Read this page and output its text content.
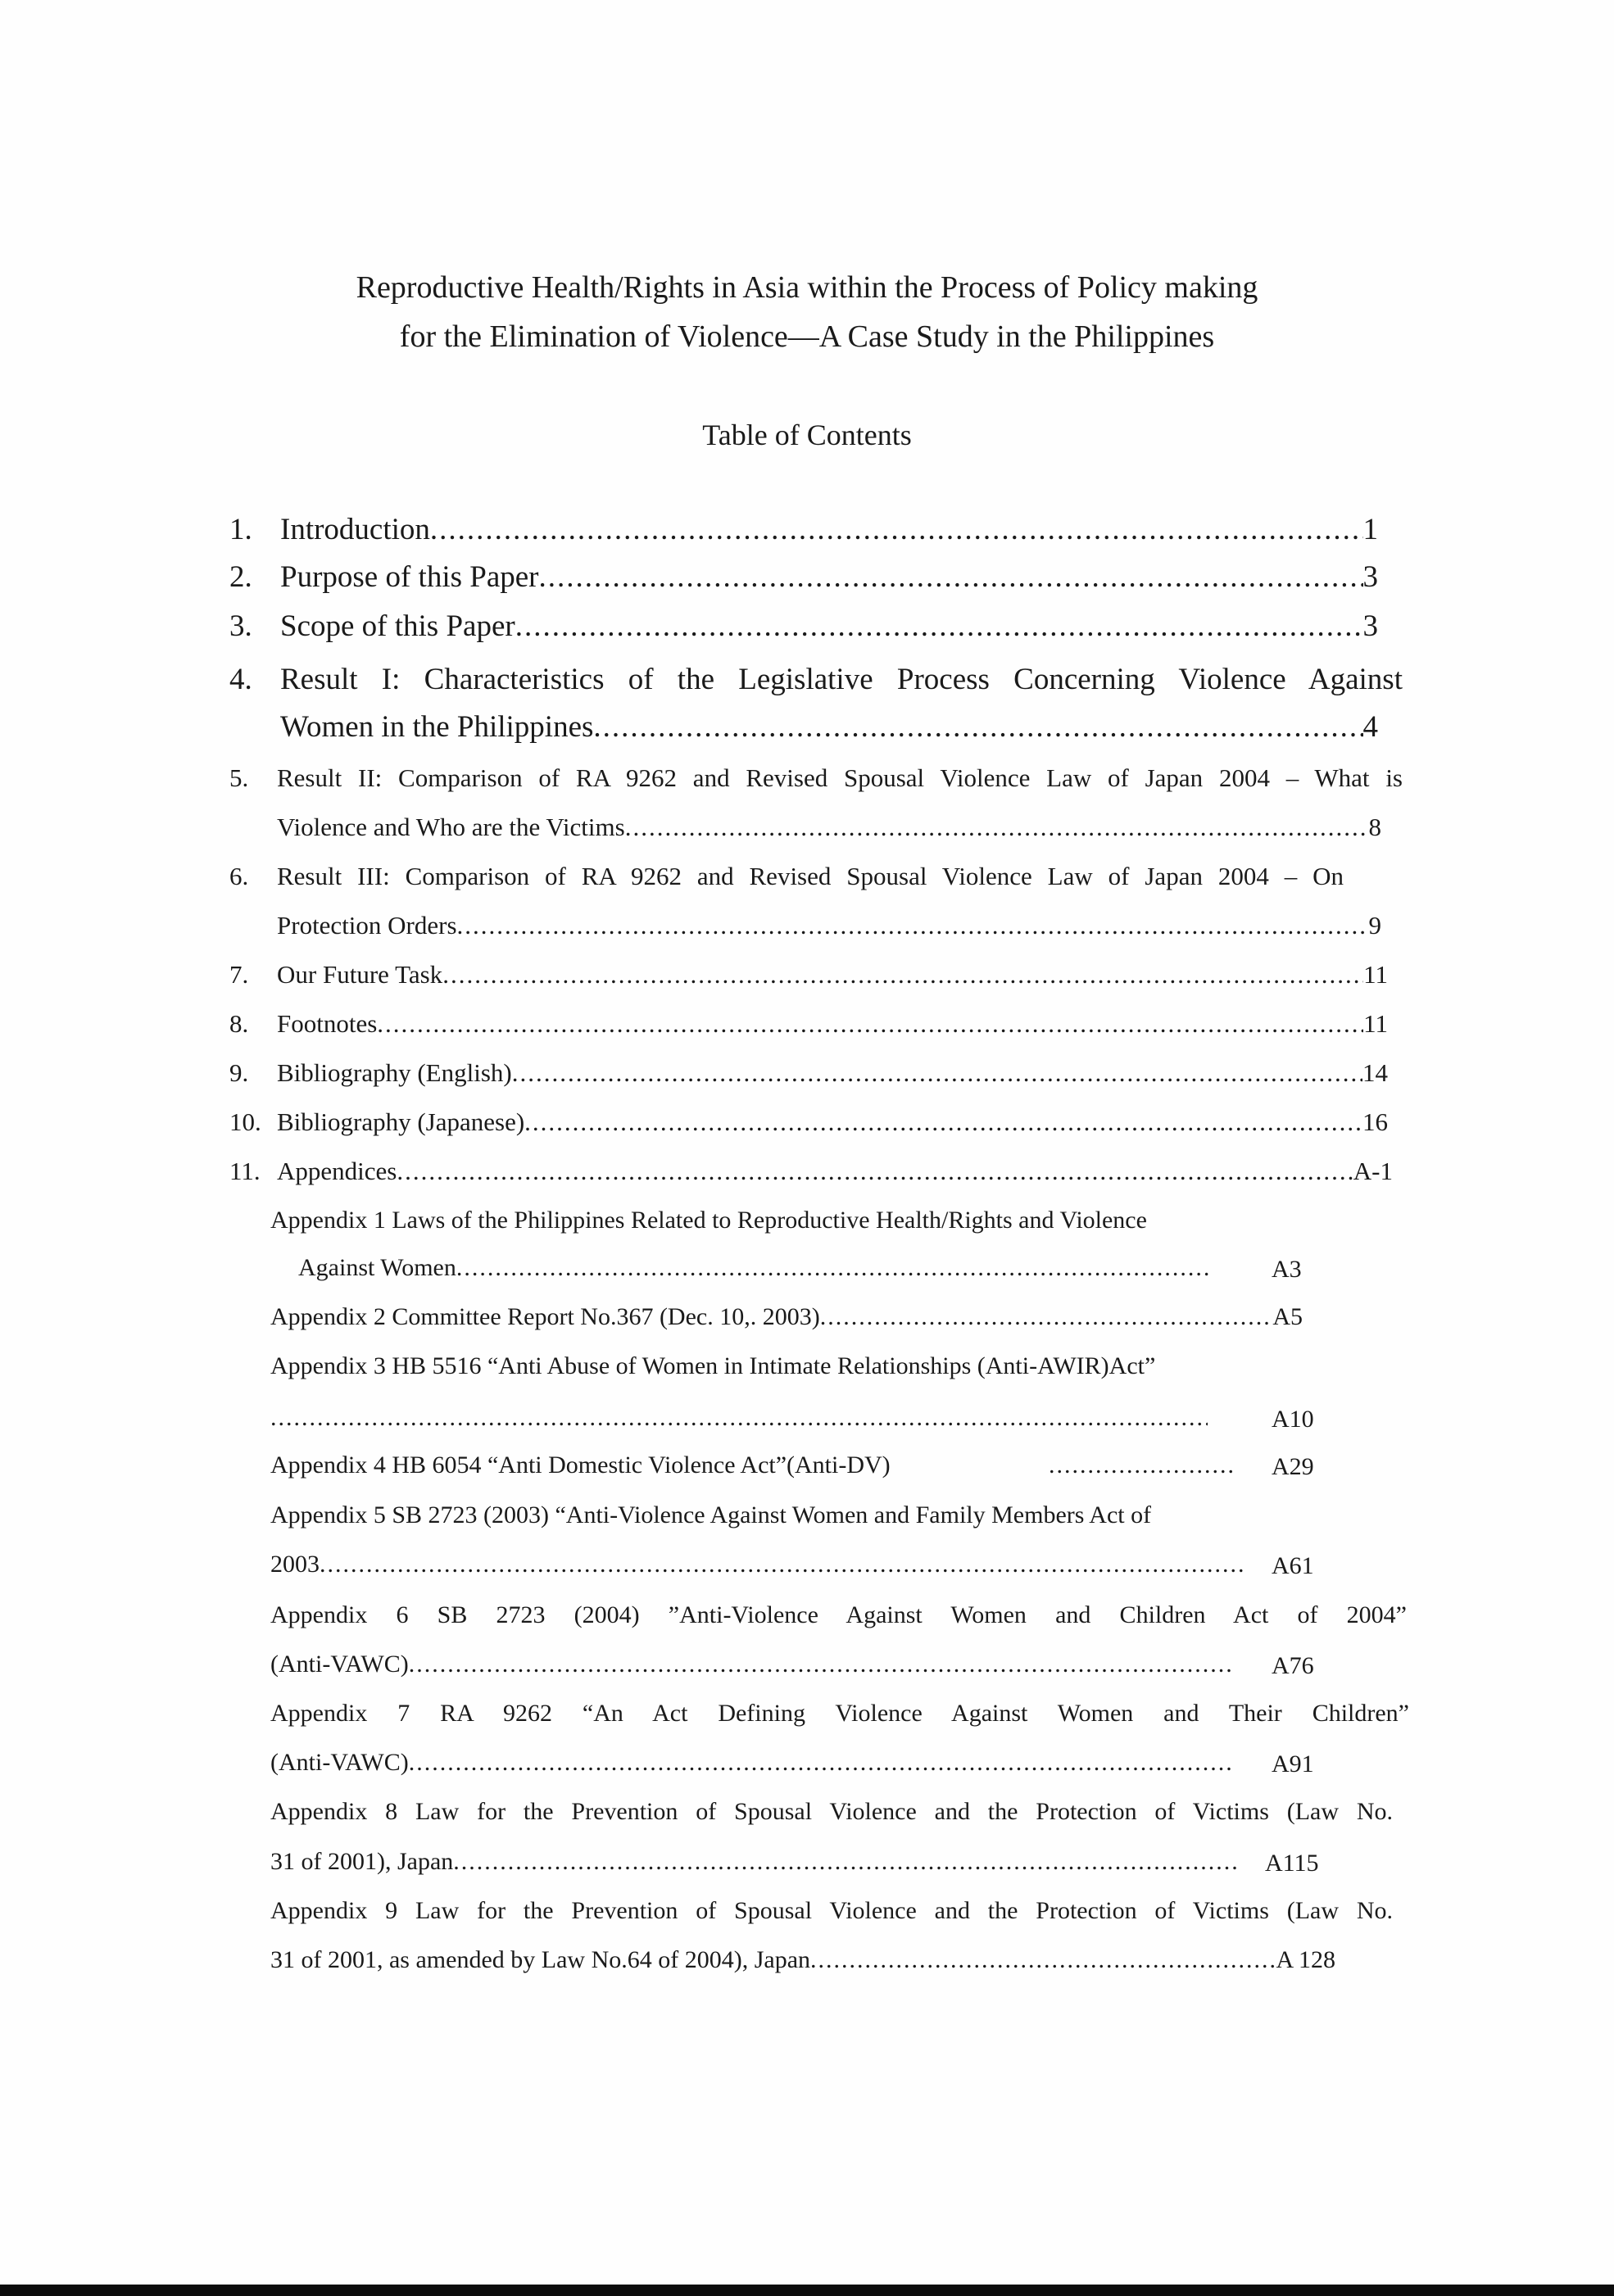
Reproductive Health/Rights in Asia within the Process of Policy making
for the Elimination of Violence—A Case Study in the Philippines
Table of Contents
1. Introduction .....	1
2. Purpose of this Paper .....	3
3. Scope of this Paper .....	3
4. Result I: Characteristics of the Legislative Process Concerning Violence Against
Women in the Philippines .....	4
5. Result II: Comparison of RA 9262 and Revised Spousal Violence Law of Japan 2004 – What is
Violence and Who are the Victims .....	8
6. Result III: Comparison of RA 9262 and Revised Spousal Violence Law of Japan 2004 – On
Protection Orders .....	9
7. Our Future Task .....	11
8. Footnotes .....	11
9. Bibliography (English) .....	14
10. Bibliography (Japanese) .....	16
11. Appendices .....	A-1
Appendix 1 Laws of the Philippines Related to Reproductive Health/Rights and Violence
Against Women .....	A3
Appendix 2 Committee Report No.367 (Dec. 10,. 2003) .....	A5
Appendix 3 HB 5516 “Anti Abuse of Women in Intimate Relationships (Anti-AWIR)Act”
.....
A10
Appendix 4 HB 6054 “Anti Domestic Violence Act”(Anti-DV) .....	A29
Appendix 5 SB 2723 (2003) “Anti-Violence Against Women and Family Members Act of
2003 .....	A61
Appendix 6 SB 2723 (2004) ”Anti-Violence Against Women and Children Act of 2004”
(Anti-VAWC) .....	A76
Appendix 7 RA 9262 “An Act Defining Violence Against Women and Their Children”
(Anti-VAWC) .....	A91
Appendix 8 Law for the Prevention of Spousal Violence and the Protection of Victims (Law No.
31 of 2001), Japan .....	A115
Appendix 9 Law for the Prevention of Spousal Violence and the Protection of Victims (Law No.
31 of 2001, as amended by Law No.64 of 2004), Japan .....	A 128
